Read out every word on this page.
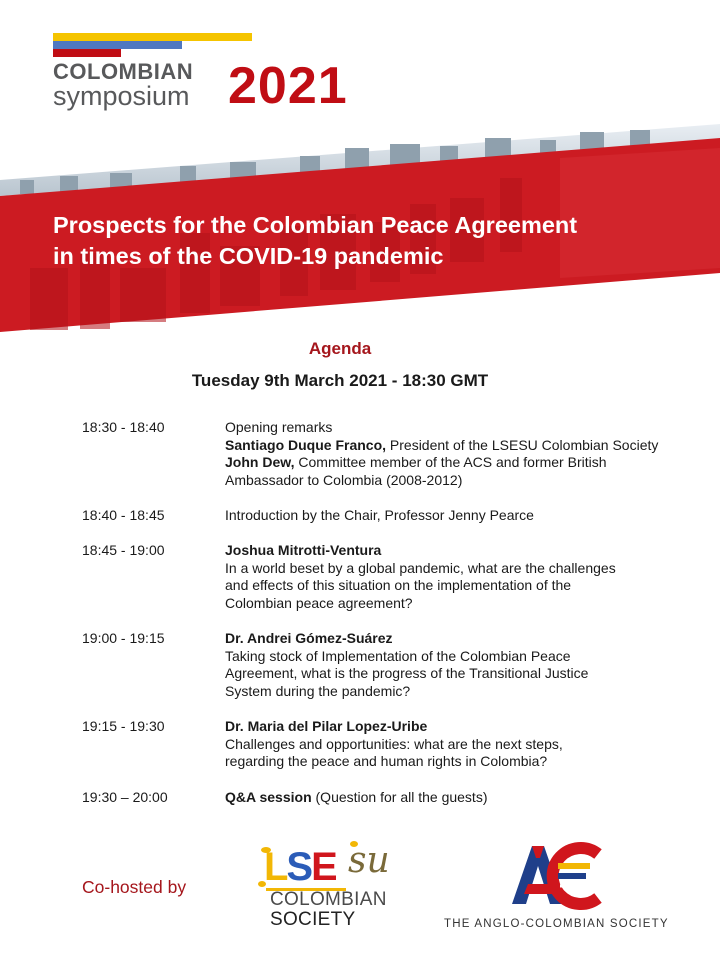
COLOMBIAN
symposium 2021
Prospects for the Colombian Peace Agreement
in times of the COVID-19 pandemic
Agenda
Tuesday 9th March 2021 - 18:30 GMT
18:30 - 18:40	Opening remarks
Santiago Duque Franco, President of the LSESU Colombian Society
John Dew, Committee member of the ACS and former British
Ambassador to Colombia (2008-2012)
18:40 - 18:45	Introduction by the Chair, Professor Jenny Pearce
18:45 - 19:00	Joshua Mitrotti-Ventura
In a world beset by a global pandemic, what are the challenges
and effects of this situation on the implementation of the
Colombian peace agreement?
19:00 - 19:15	Dr. Andrei Gómez-Suárez
Taking stock of Implementation of the Colombian Peace
Agreement, what is the progress of the Transitional Justice
System during the pandemic?
19:15 - 19:30	Dr. Maria del Pilar Lopez-Uribe
Challenges and opportunities: what are the next steps,
regarding the peace and human rights in Colombia?
19:30 – 20:00	Q&A session (Question for all the guests)
Co-hosted by LSE su
COLOMBIAN
SOCIETY	THE ANGLO-COLOMBIAN SOCIETY
